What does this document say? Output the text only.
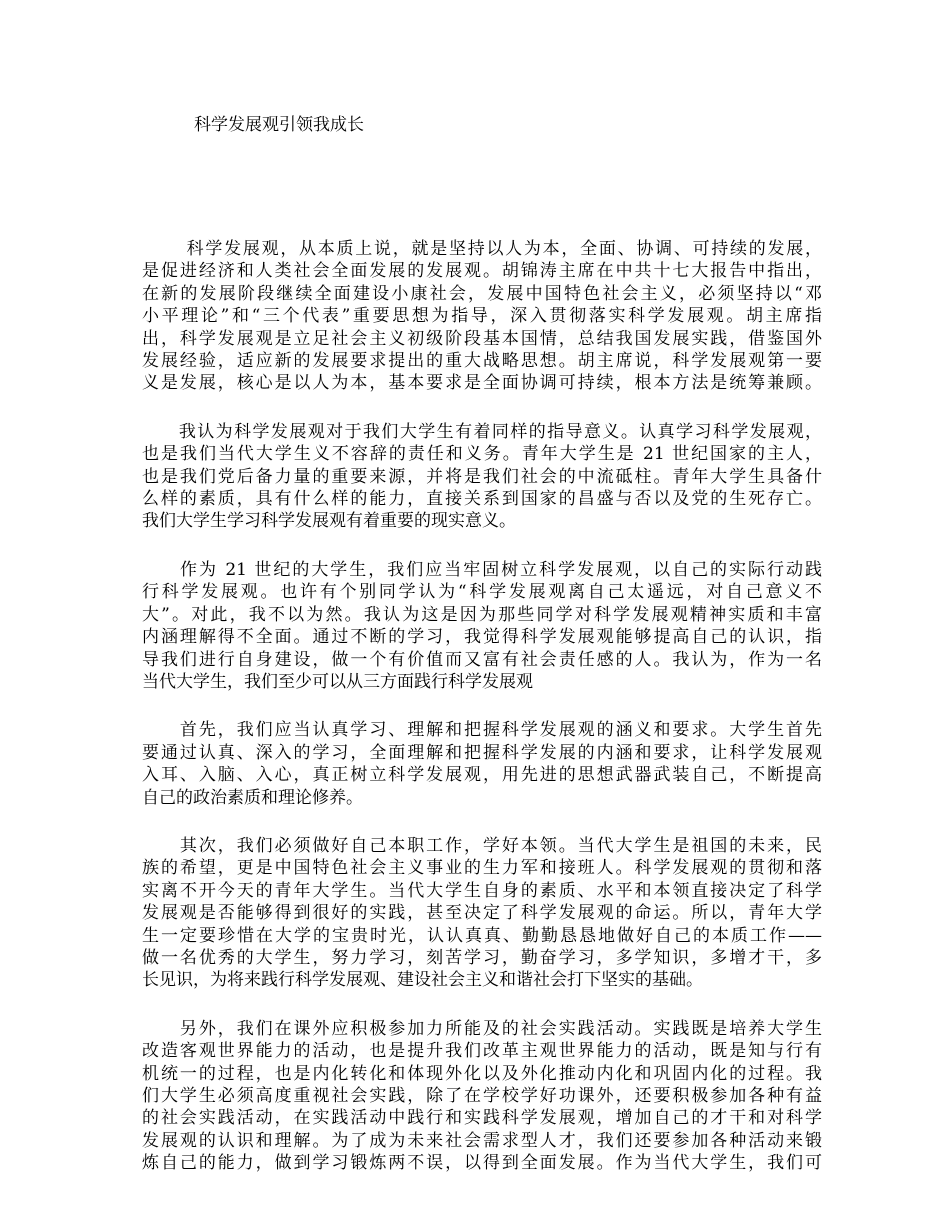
科学发展观引领我成长
　　 科学发展观，从本质上说，就是坚持以人为本，全面、协调、可持续的发展，
是促进经济和人类社会全面发展的发展观。胡锦涛主席在中共十七大报告中指出，
在新的发展阶段继续全面建设小康社会，发展中国特色社会主义，必须坚持以“邓
小平理论”和“三个代表”重要思想为指导，深入贯彻落实科学发展观。胡主席指
出，科学发展观是立足社会主义初级阶段基本国情，总结我国发展实践，借鉴国外
发展经验，适应新的发展要求提出的重大战略思想。胡主席说，科学发展观第一要
义是发展，核心是以人为本，基本要求是全面协调可持续，根本方法是统筹兼顾。
　　我认为科学发展观对于我们大学生有着同样的指导意义。认真学习科学发展观，
也是我们当代大学生义不容辞的责任和义务。青年大学生是 21 世纪国家的主人，
也是我们党后备力量的重要来源，并将是我们社会的中流砥柱。青年大学生具备什
么样的素质，具有什么样的能力，直接关系到国家的昌盛与否以及党的生死存亡。
我们大学生学习科学发展观有着重要的现实意义。
　　作为 21 世纪的大学生，我们应当牢固树立科学发展观，以自己的实际行动践
行科学发展观。也许有个别同学认为“科学发展观离自己太遥远，对自己意义不
大”。对此，我不以为然。我认为这是因为那些同学对科学发展观精神实质和丰富
内涵理解得不全面。通过不断的学习，我觉得科学发展观能够提高自己的认识，指
导我们进行自身建设，做一个有价值而又富有社会责任感的人。我认为，作为一名
当代大学生，我们至少可以从三方面践行科学发展观
　　首先，我们应当认真学习、理解和把握科学发展观的涵义和要求。大学生首先
要通过认真、深入的学习，全面理解和把握科学发展的内涵和要求，让科学发展观
入耳、入脑、入心，真正树立科学发展观，用先进的思想武器武装自己，不断提高
自己的政治素质和理论修养。
　　其次，我们必须做好自己本职工作，学好本领。当代大学生是祖国的未来，民
族的希望，更是中国特色社会主义事业的生力军和接班人。科学发展观的贯彻和落
实离不开今天的青年大学生。当代大学生自身的素质、水平和本领直接决定了科学
发展观是否能够得到很好的实践，甚至决定了科学发展观的命运。所以，青年大学
生一定要珍惜在大学的宝贵时光，认认真真、勤勤恳恳地做好自己的本质工作——
做一名优秀的大学生，努力学习，刻苦学习，勤奋学习，多学知识，多增才干，多
长见识，为将来践行科学发展观、建设社会主义和谐社会打下坚实的基础。
　　另外，我们在课外应积极参加力所能及的社会实践活动。实践既是培养大学生
改造客观世界能力的活动，也是提升我们改革主观世界能力的活动，既是知与行有
机统一的过程，也是内化转化和体现外化以及外化推动内化和巩固内化的过程。我
们大学生必须高度重视社会实践，除了在学校学好功课外，还要积极参加各种有益
的社会实践活动，在实践活动中践行和实践科学发展观，增加自己的才干和对科学
发展观的认识和理解。为了成为未来社会需求型人才，我们还要参加各种活动来锻
炼自己的能力，做到学习锻炼两不误，以得到全面发展。作为当代大学生，我们可
